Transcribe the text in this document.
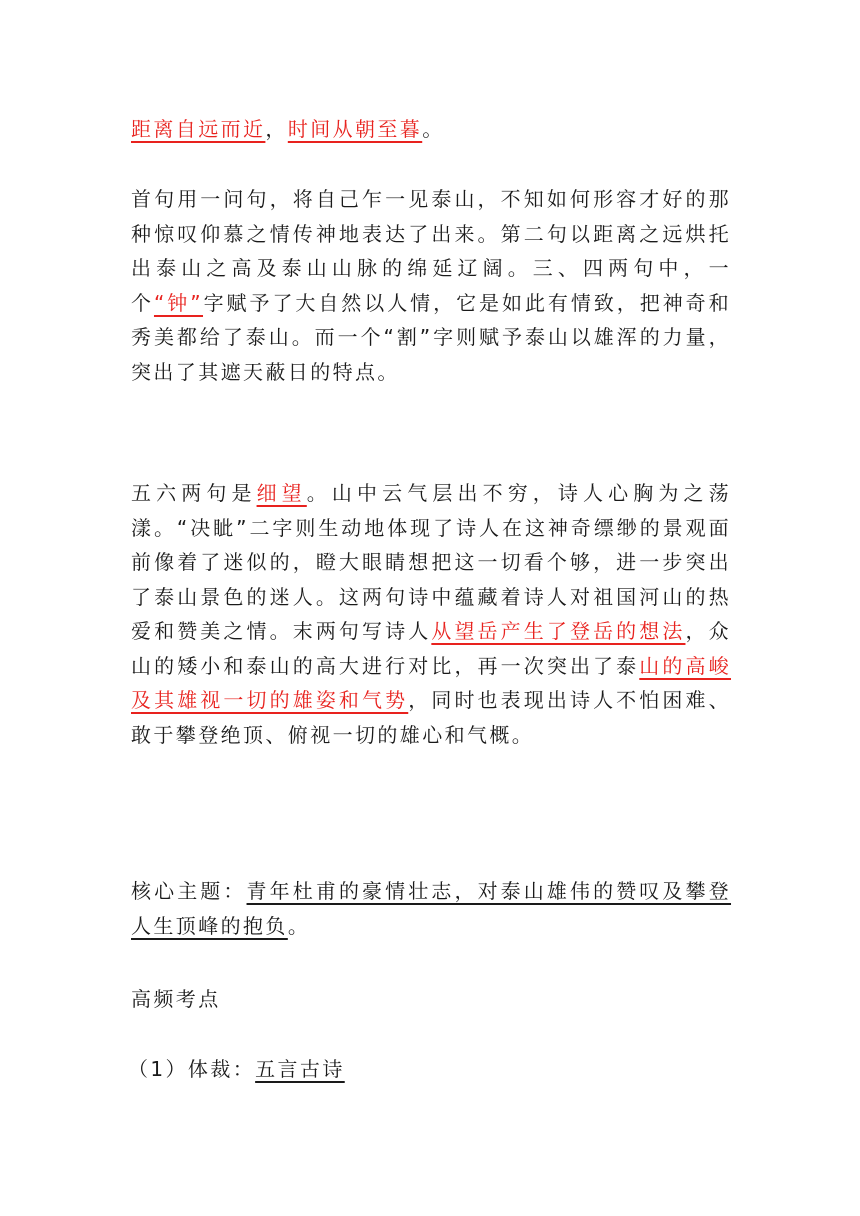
距离自远而近，时间从朝至暮。

首句用一问句，将自己乍一见泰山，不知如何形容才好的那种惊叹仰慕之情传神地表达了出来。第二句以距离之远烘托出泰山之高及泰山山脉的绵延辽阔。三、四两句中，一个“钟”字赋予了大自然以人情，它是如此有情致，把神奇和秀美都给了泰山。而一个“割”字则赋予泰山以雄浑的力量，突出了其遮天蔽日的特点。

五六两句是细望。山中云气层出不穷，诗人心胸为之荡漾。“决眦”二字则生动地体现了诗人在这神奇缥缈的景观面前像着了迷似的，瞪大眼睛想把这一切看个够，进一步突出了泰山景色的迷人。这两句诗中蕴藏着诗人对祖国河山的热爱和赞美之情。末两句写诗人从望岳产生了登岳的想法，众山的矮小和泰山的高大进行对比，再一次突出了泰山的高峻及其雄视一切的雄姿和气势，同时也表现出诗人不怕困难、敢于攀登绝顶、俯视一切的雄心和气概。

核心主题：青年杜甫的豪情壮志，对泰山雄伟的赞叹及攀登人生顶峰的抱负。

高频考点

（1）体裁：五言古诗
